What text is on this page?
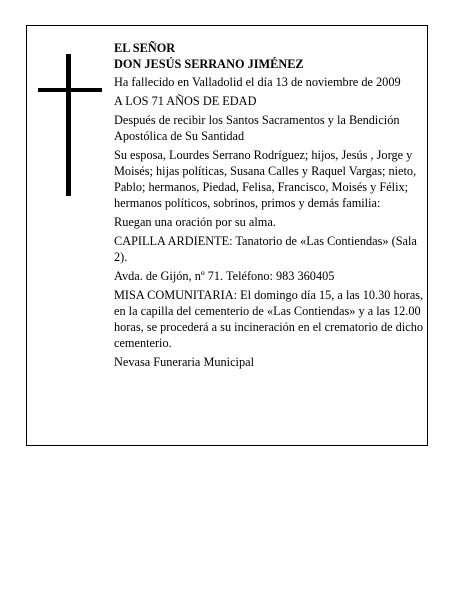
EL SEÑOR
DON JESÚS SERRANO JIMÉNEZ
Ha fallecido en Valladolid el día 13 de noviembre de 2009
A LOS 71 AÑOS DE EDAD
Después de recibir los Santos Sacramentos y la Bendición Apostólica de Su Santidad
Su esposa, Lourdes Serrano Rodríguez; hijos, Jesús , Jorge y Moisés; hijas políticas, Susana Calles y Raquel Vargas; nieto, Pablo; hermanos, Piedad, Felisa, Francisco, Moisés y Félix; hermanos políticos, sobrinos, primos y demás familia:
Ruegan una oración por su alma.
CAPILLA ARDIENTE: Tanatorio de «Las Contiendas» (Sala 2).
Avda. de Gijón, nº 71. Teléfono: 983 360405
MISA COMUNITARIA: El domingo día 15, a las 10.30 horas, en la capilla del cementerio de «Las Contiendas» y a las 12.00 horas, se procederá a su incineración en el crematorio de dicho cementerio.
Nevasa Funeraria Municipal
